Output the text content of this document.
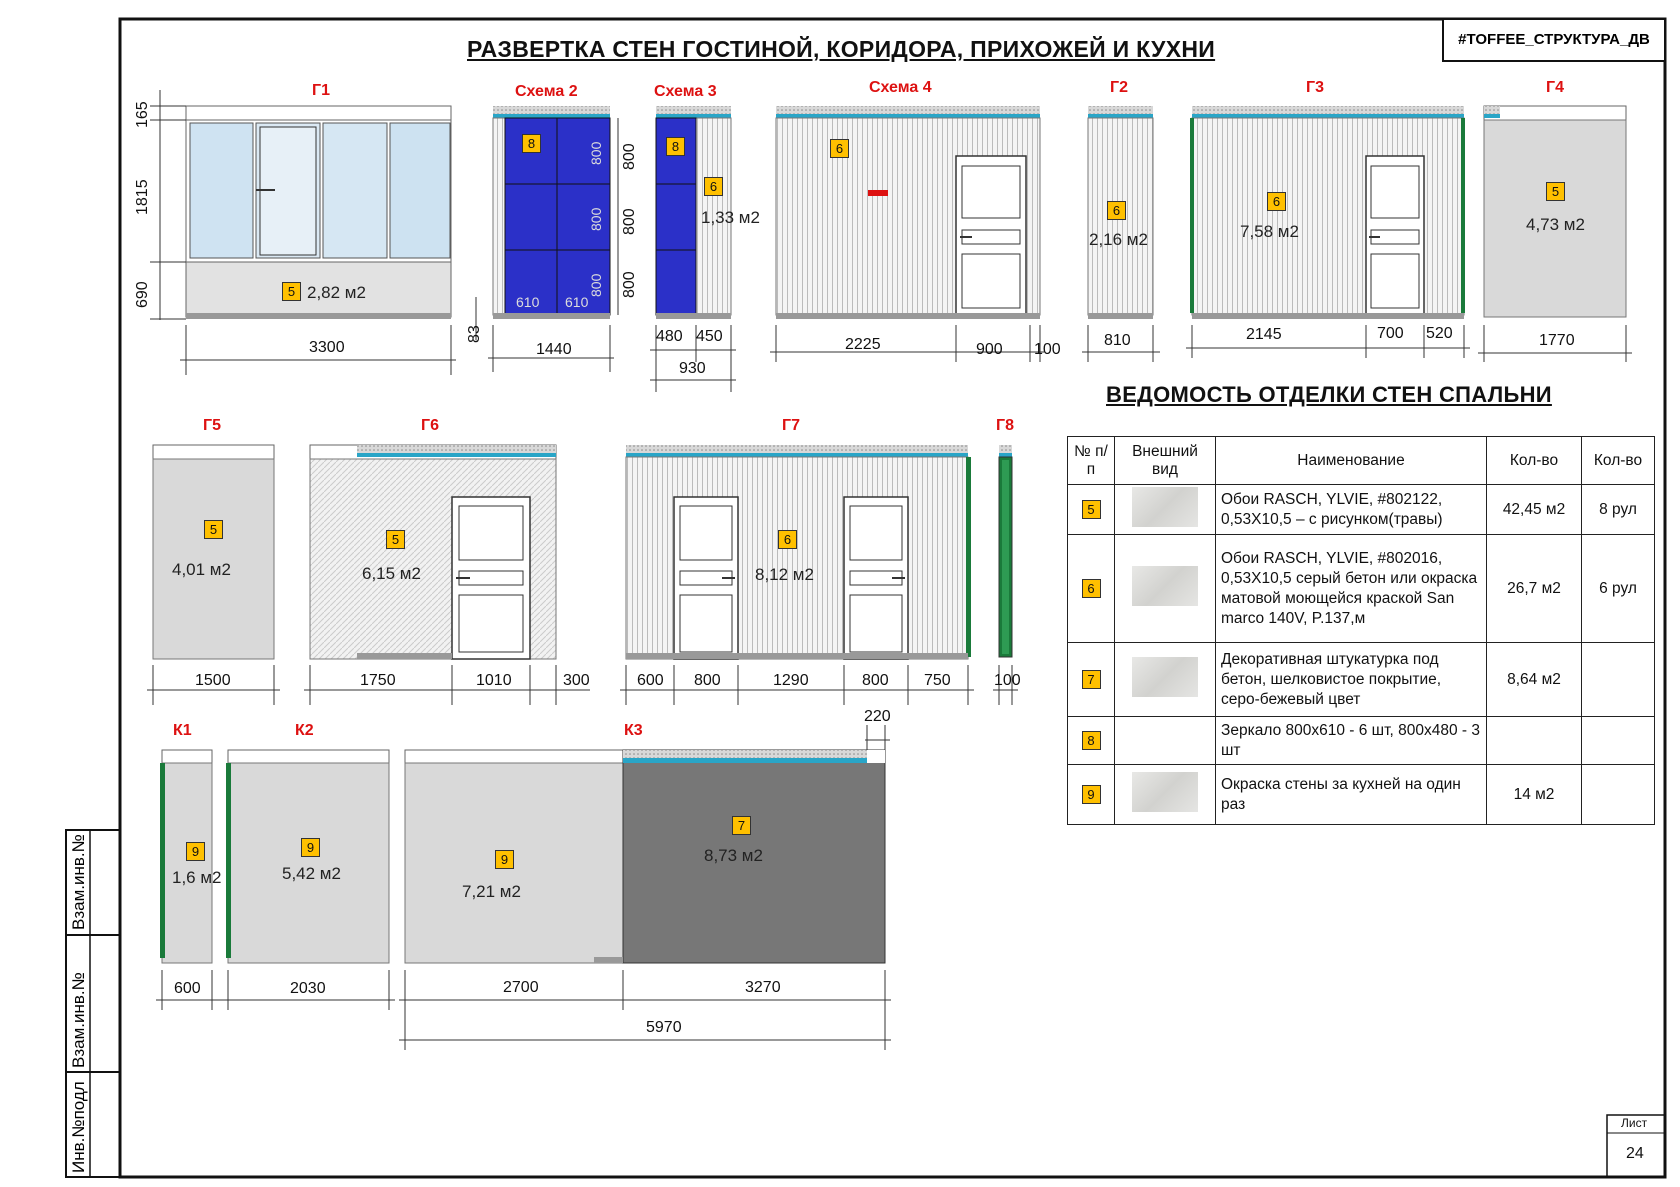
РАЗВЕРТКА СТЕН ГОСТИНОЙ, КОРИДОРА, ПРИХОЖЕЙ И КУХНИ	#TOFFEE_СТРУКТУРА_ДВ
ВЕДОМОСТЬ ОТДЕЛКИ СТЕН СПАЛЬНИ
Г1	Схема 2	Схема 3	Схема 4	Г2	Г3	Г4
Г5	Г6	Г7	Г8
К1	К2	К3
165
1815
690	5 2,82 м2
3300
8	800
800
800
610 610
1440
83
8
6
1,33 м2
800
800
800
480 450
930
6
2225	900 100
6
2,16 м2
810
6
7,58 м2
2145	700 520
5
4,73 м2
1770
5
4,01 м2
1500
5
6,15 м2
1750	1010	300
6
8,12 м2
600 800	1290	800 750	100
9
1,6 м2
600
9
5,42 м2
2030
9
7,21 м2
7
8,73 м2
2700	3270
5970
220
№ п/п	Внешний вид	Наименование	Кол-во	Кол-во
5		Обои RASCH, YLVIE, #802122, 0,53Х10,5 – с рисунком(травы)	42,45 м2	8 рул
6		Обои RASCH, YLVIE, #802016, 0,53Х10,5 серый бетон или окраска матовой моющейся краской San marco 140V, P.137,м	26,7 м2	6 рул
7		Декоративная штукатурка под бетон, шелковистое покрытие, серо-бежевый цвет	8,64 м2	
8		Зеркало 800х610 - 6 шт, 800х480 - 3 шт		
9		Окраска стены за кухней на один раз	14 м2	
Взам.инв.№
Взам.инв.№
Инв.№подл	Лист
24
